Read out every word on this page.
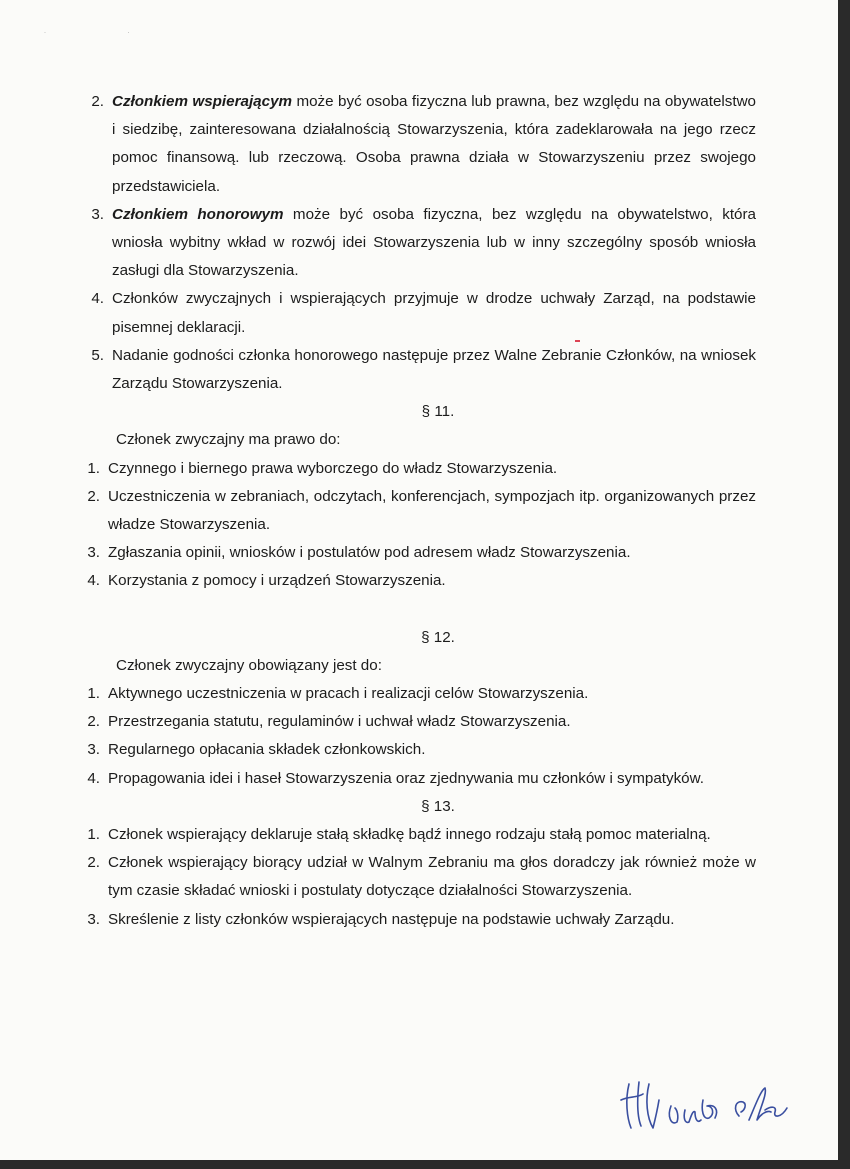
· ·
2. Członkiem wspierającym może być osoba fizyczna lub prawna, bez względu na obywatelstwo i siedzibę, zainteresowana działalnością Stowarzyszenia, która zadeklarowała na jego rzecz pomoc finansową. lub rzeczową. Osoba prawna działa w Stowarzyszeniu przez swojego przedstawiciela.
3. Członkiem honorowym może być osoba fizyczna, bez względu na obywatelstwo, która wniosła wybitny wkład w rozwój idei Stowarzyszenia lub w inny szczególny sposób wniosła zasługi dla Stowarzyszenia.
4. Członków zwyczajnych i wspierających przyjmuje w drodze uchwały Zarząd, na podstawie pisemnej deklaracji.
5. Nadanie godności członka honorowego następuje przez Walne Zebranie Członków, na wniosek Zarządu Stowarzyszenia.
§ 11.
Członek zwyczajny ma prawo do:
1. Czynnego i biernego prawa wyborczego do władz Stowarzyszenia.
2. Uczestniczenia w zebraniach, odczytach, konferencjach, sympozjach itp. organizowanych przez władze Stowarzyszenia.
3. Zgłaszania opinii, wniosków i postulatów pod adresem władz Stowarzyszenia.
4. Korzystania z pomocy i urządzeń Stowarzyszenia.
§ 12.
Członek zwyczajny obowiązany jest do:
1. Aktywnego uczestniczenia w pracach i realizacji celów Stowarzyszenia.
2. Przestrzegania statutu, regulaminów i uchwał władz Stowarzyszenia.
3. Regularnego opłacania składek członkowskich.
4. Propagowania idei i haseł Stowarzyszenia oraz zjednywania mu członków i sympatyków.
§ 13.
1. Członek wspierający deklaruje stałą składkę bądź innego rodzaju stałą pomoc materialną.
2. Członek wspierający biorący udział w Walnym Zebraniu ma głos doradczy jak również może w tym czasie składać wnioski i postulaty dotyczące działalności Stowarzyszenia.
3. Skreślenie z listy członków wspierających następuje na podstawie uchwały Zarządu.
